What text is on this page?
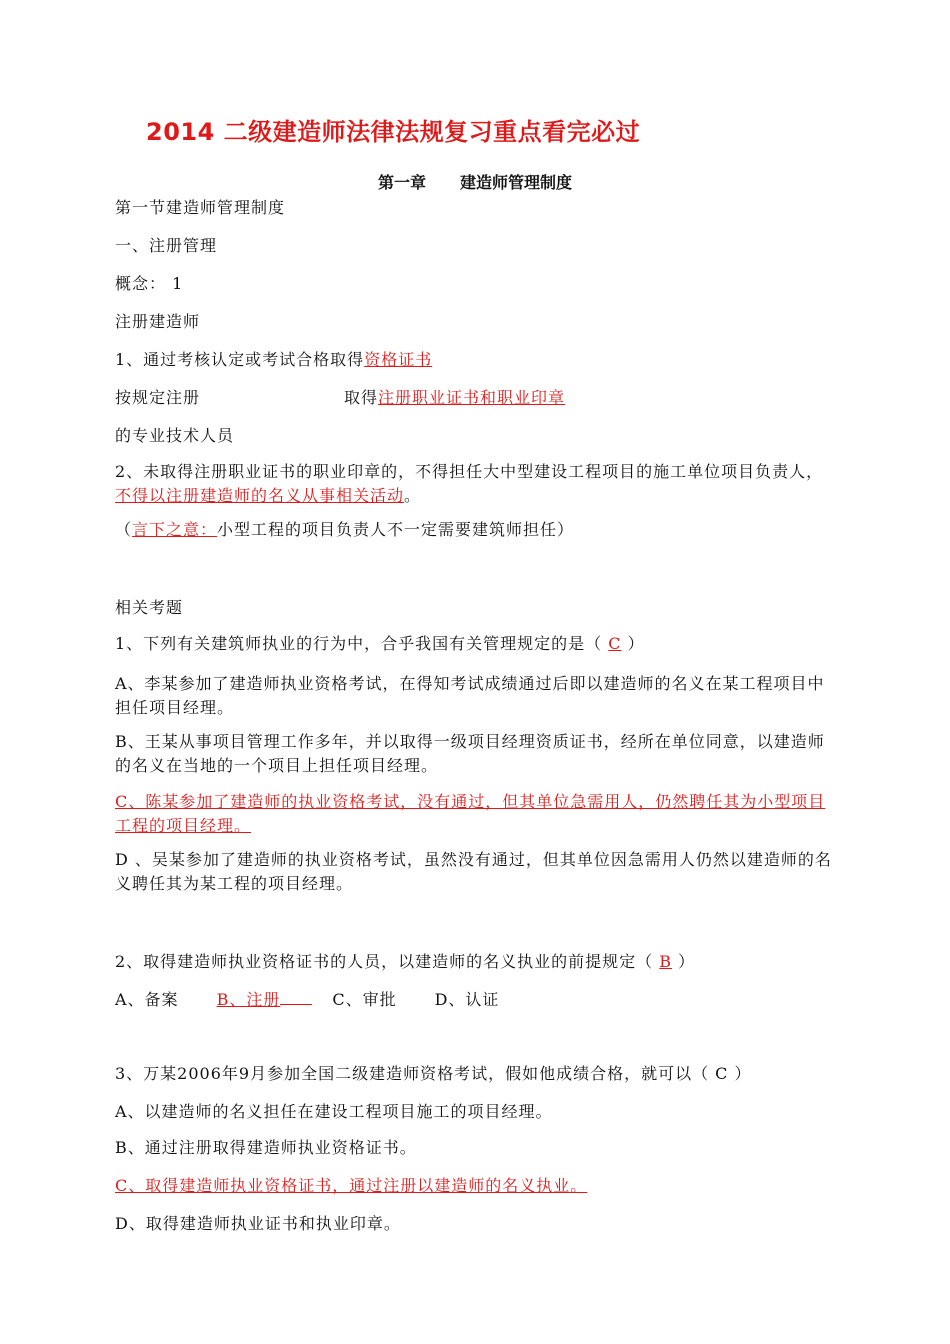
2014 二级建造师法律法规复习重点看完必过
第一章 建造师管理制度
第一节建造师管理制度
一、注册管理
概念： 1
注册建造师
1、通过考核认定或考试合格取得资格证书
按规定注册	取得注册职业证书和职业印章
的专业技术人员
2、未取得注册职业证书的职业印章的，不得担任大中型建设工程项目的施工单位项目负责人，不得以注册建造师的名义从事相关活动。
（言下之意：小型工程的项目负责人不一定需要建筑师担任）
相关考题
1、下列有关建筑师执业的行为中，合乎我国有关管理规定的是（ C ）
A、李某参加了建造师执业资格考试，在得知考试成绩通过后即以建造师的名义在某工程项目中担任项目经理。
B、王某从事项目管理工作多年，并以取得一级项目经理资质证书，经所在单位同意，以建造师的名义在当地的一个项目上担任项目经理。
C、陈某参加了建造师的执业资格考试，没有通过，但其单位急需用人，仍然聘任其为小型项目工程的项目经理。
D 、吴某参加了建造师的执业资格考试，虽然没有通过，但其单位因急需用人仍然以建造师的名义聘任其为某工程的项目经理。
2、取得建造师执业资格证书的人员，以建造师的名义执业的前提规定（ B ）
A、备案 B、注册	C、审批 D、认证
3、万某2006年9月参加全国二级建造师资格考试，假如他成绩合格，就可以（ C ）
A、以建造师的名义担任在建设工程项目施工的项目经理。
B、通过注册取得建造师执业资格证书。
C、取得建造师执业资格证书，通过注册以建造师的名义执业。
D、取得建造师执业证书和执业印章。
